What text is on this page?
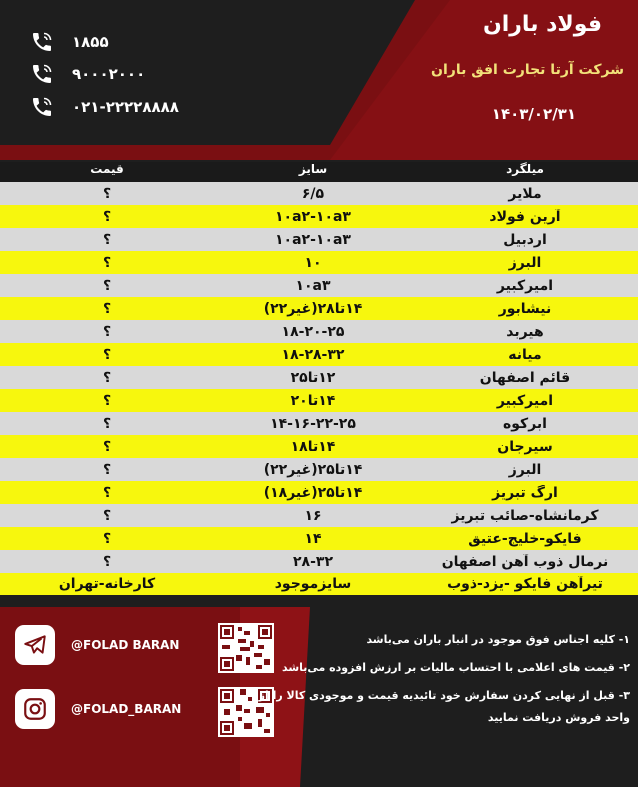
فولاد باران
شرکت آرتا تجارت افق باران
۱۴۰۳/۰۲/۳۱
۱۸۵۵
۹۰۰۰۲۰۰۰
۰۲۱-۲۲۲۲۸۸۸۸
میلگرد
سایز
قیمت
ملایر
۶/۵
؟
آرین فولاد
۱۰a۲-۱۰a۳
؟
اردبیل
۱۰a۲-۱۰a۳
؟
البرز
۱۰
؟
امیرکبیر
۱۰a۳
؟
نیشابور
۱۴تا۲۸(غیر۲۲)
؟
هیربد
۱۸-۲۰-۲۵
؟
میانه
۱۸-۲۸-۳۲
؟
قائم اصفهان
۱۲تا۲۵
؟
امیرکبیر
۱۴تا۲۰
؟
ابرکوه
۱۴-۱۶-۲۲-۲۵
؟
سیرجان
۱۴تا۱۸
؟
البرز
۱۴تا۲۵(غیر۲۲)
؟
ارگ تبریز
۱۴تا۲۵(غیر۱۸)
؟
کرمانشاه-صائب تبریز
۱۶
؟
فایکو-خلیج-عتیق
۱۴
؟
نرمال ذوب آهن اصفهان
۲۸-۳۲
؟
تیرآهن فایکو -یزد-ذوب
سایزموجود
کارخانه-تهران
@FOLAD BARAN
@FOLAD_BARAN

۱- کلیه اجناس فوق موجود در انبار باران می‌باشد

۲- قیمت های اعلامی با احتساب مالیات بر ارزش افزوده می‌باشد

۳- قبل از نهایی کردن سفارش خود تائیدیه قیمت و موجودی کالا را از واحد فروش دریافت نمایید
